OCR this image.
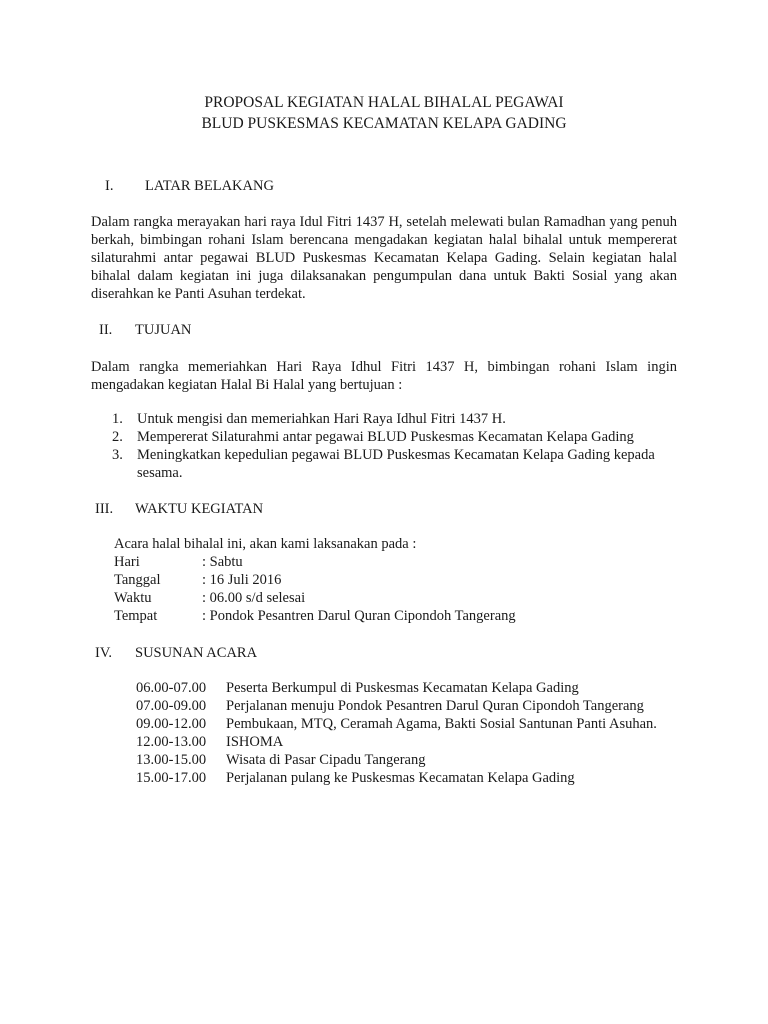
PROPOSAL KEGIATAN HALAL BIHALAL PEGAWAI
BLUD PUSKESMAS KECAMATAN KELAPA GADING
I. LATAR BELAKANG
Dalam rangka merayakan hari raya Idul Fitri 1437 H, setelah melewati bulan Ramadhan yang penuh berkah, bimbingan rohani Islam berencana mengadakan kegiatan halal bihalal untuk mempererat silaturahmi antar pegawai BLUD Puskesmas Kecamatan Kelapa Gading. Selain kegiatan halal bihalal dalam kegiatan ini juga dilaksanakan pengumpulan dana untuk Bakti Sosial yang akan diserahkan ke Panti Asuhan terdekat.
II. TUJUAN
Dalam rangka memeriahkan Hari Raya Idhul Fitri 1437 H, bimbingan rohani Islam ingin mengadakan kegiatan Halal Bi Halal yang bertujuan :
1. Untuk mengisi dan memeriahkan Hari Raya Idhul Fitri 1437 H.
2. Mempererat Silaturahmi antar pegawai BLUD Puskesmas Kecamatan Kelapa Gading
3. Meningkatkan kepedulian pegawai BLUD Puskesmas Kecamatan Kelapa Gading kepada sesama.
III. WAKTU KEGIATAN
Acara halal bihalal ini, akan kami laksanakan pada :
Hari	: Sabtu
Tanggal	: 16 Juli 2016
Waktu	: 06.00 s/d selesai
Tempat	: Pondok Pesantren Darul Quran Cipondoh Tangerang
IV. SUSUNAN ACARA
06.00-07.00 Peserta Berkumpul di Puskesmas Kecamatan Kelapa Gading
07.00-09.00 Perjalanan menuju Pondok Pesantren Darul Quran Cipondoh Tangerang
09.00-12.00 Pembukaan, MTQ, Ceramah Agama, Bakti Sosial Santunan Panti Asuhan.
12.00-13.00 ISHOMA
13.00-15.00 Wisata di Pasar Cipadu Tangerang
15.00-17.00 Perjalanan pulang ke Puskesmas Kecamatan Kelapa Gading
